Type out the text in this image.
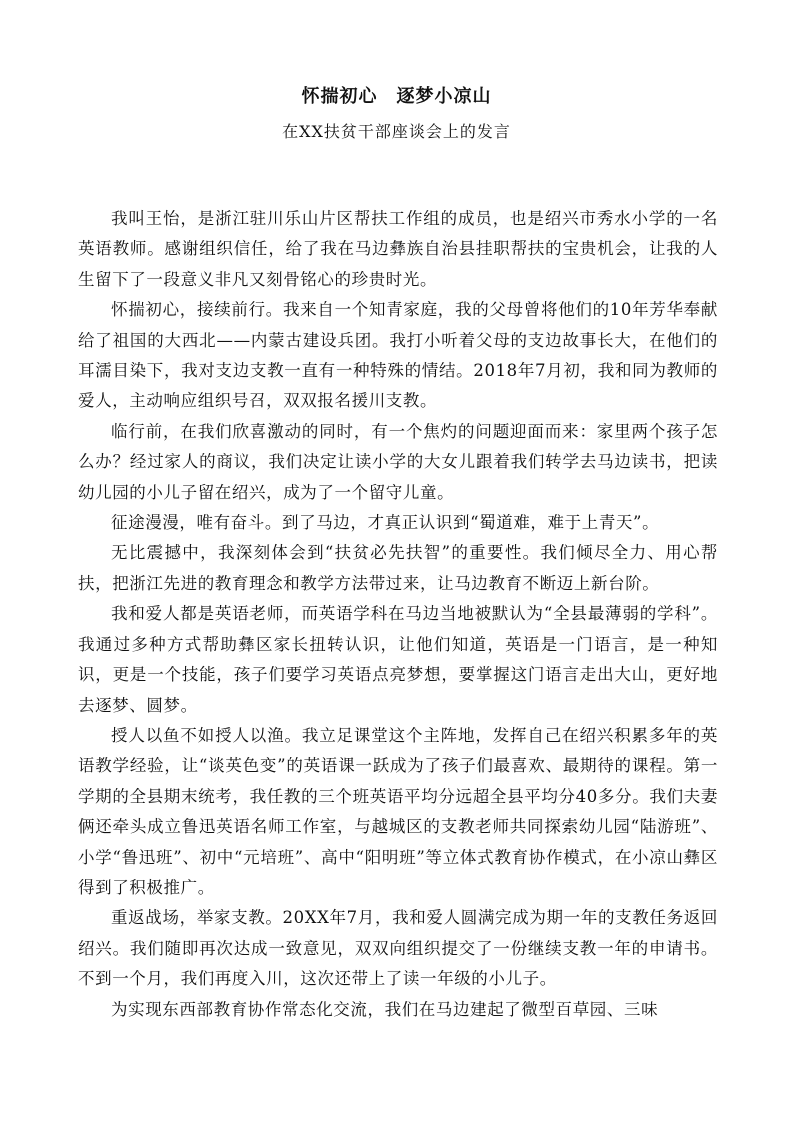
怀揣初心　逐梦小凉山
在XX扶贫干部座谈会上的发言

我叫王怡，是浙江驻川乐山片区帮扶工作组的成员，也是绍兴市秀水小学的一名英语教师。感谢组织信任，给了我在马边彝族自治县挂职帮扶的宝贵机会，让我的人生留下了一段意义非凡又刻骨铭心的珍贵时光。

怀揣初心，接续前行。我来自一个知青家庭，我的父母曾将他们的10年芳华奉献给了祖国的大西北——内蒙古建设兵团。我打小听着父母的支边故事长大，在他们的耳濡目染下，我对支边支教一直有一种特殊的情结。2018年7月初，我和同为教师的爱人，主动响应组织号召，双双报名援川支教。

临行前，在我们欣喜激动的同时，有一个焦灼的问题迎面而来：家里两个孩子怎么办？经过家人的商议，我们决定让读小学的大女儿跟着我们转学去马边读书，把读幼儿园的小儿子留在绍兴，成为了一个留守儿童。

征途漫漫，唯有奋斗。到了马边，才真正认识到“蜀道难，难于上青天”。

无比震撼中，我深刻体会到“扶贫必先扶智”的重要性。我们倾尽全力、用心帮扶，把浙江先进的教育理念和教学方法带过来，让马边教育不断迈上新台阶。

我和爱人都是英语老师，而英语学科在马边当地被默认为“全县最薄弱的学科”。我通过多种方式帮助彝区家长扭转认识，让他们知道，英语是一门语言，是一种知识，更是一个技能，孩子们要学习英语点亮梦想，要掌握这门语言走出大山，更好地去逐梦、圆梦。

授人以鱼不如授人以渔。我立足课堂这个主阵地，发挥自己在绍兴积累多年的英语教学经验，让“谈英色变”的英语课一跃成为了孩子们最喜欢、最期待的课程。第一学期的全县期末统考，我任教的三个班英语平均分远超全县平均分40多分。我们夫妻俩还牵头成立鲁迅英语名师工作室，与越城区的支教老师共同探索幼儿园“陆游班”、小学“鲁迅班”、初中“元培班”、高中“阳明班”等立体式教育协作模式，在小凉山彝区得到了积极推广。

重返战场，举家支教。20XX年7月，我和爱人圆满完成为期一年的支教任务返回绍兴。我们随即再次达成一致意见，双双向组织提交了一份继续支教一年的申请书。不到一个月，我们再度入川，这次还带上了读一年级的小儿子。

为实现东西部教育协作常态化交流，我们在马边建起了微型百草园、三味
